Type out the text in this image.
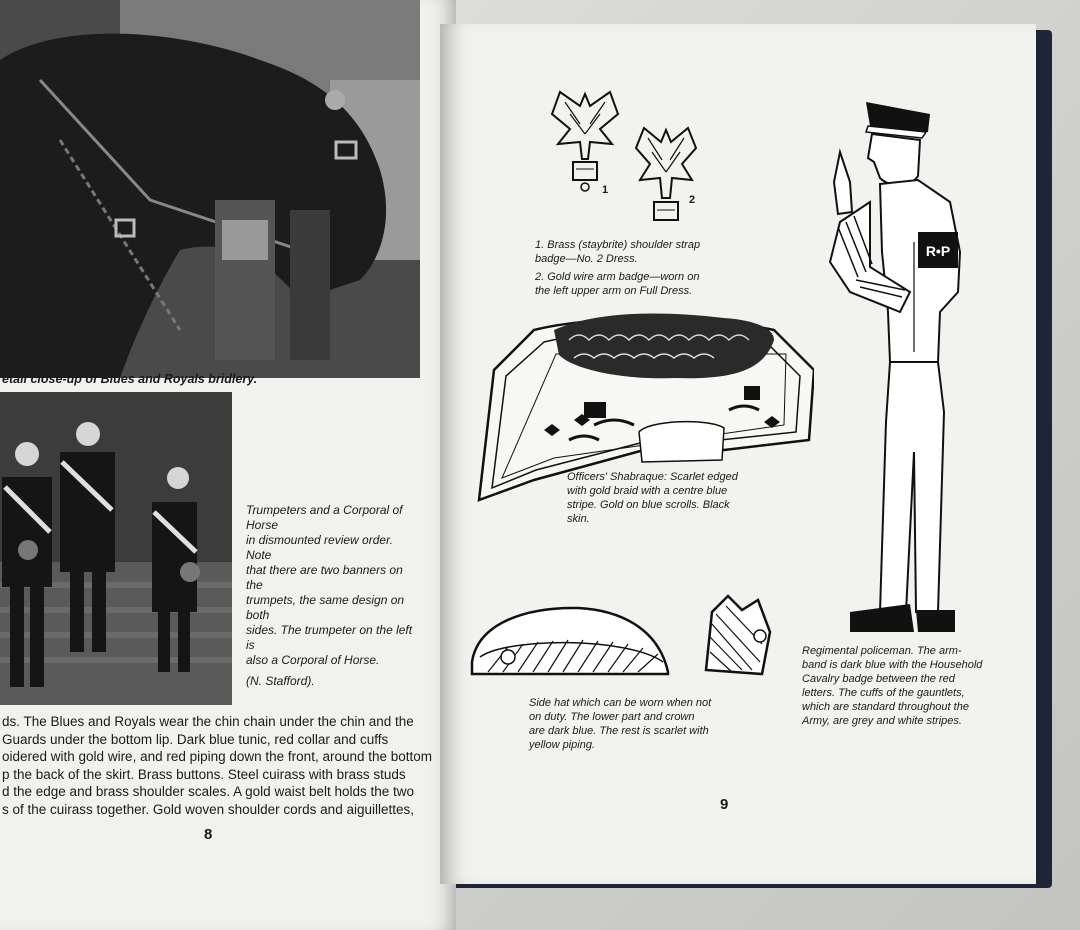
etail close-up of Blues and Royals bridlery.
Trumpeters and a Corporal of Horse
in dismounted review order. Note
that there are two banners on the
trumpets, the same design on both
sides. The trumpeter on the left is
also a Corporal of Horse.
(N. Stafford).
ds. The Blues and Royals wear the chin chain under the chin and the
Guards under the bottom lip. Dark blue tunic, red collar and cuffs
oidered with gold wire, and red piping down the front, around the bottom
p the back of the skirt. Brass buttons. Steel cuirass with brass studs
d the edge and brass shoulder scales. A gold waist belt holds the two
s of the cuirass together. Gold woven shoulder cords and aiguillettes,
8
1
2
1. Brass (staybrite) shoulder strap
badge—No. 2 Dress.
2. Gold wire arm badge—worn on
the left upper arm on Full Dress.
Officers' Shabraque: Scarlet edged
with gold braid with a centre blue
stripe. Gold on blue scrolls. Black
skin.
Side hat which can be worn when not
on duty. The lower part and crown
are dark blue. The rest is scarlet with
yellow piping.
R•P
Regimental policeman. The arm-
band is dark blue with the Household
Cavalry badge between the red
letters. The cuffs of the gauntlets,
which are standard throughout the
Army, are grey and white stripes.
9
